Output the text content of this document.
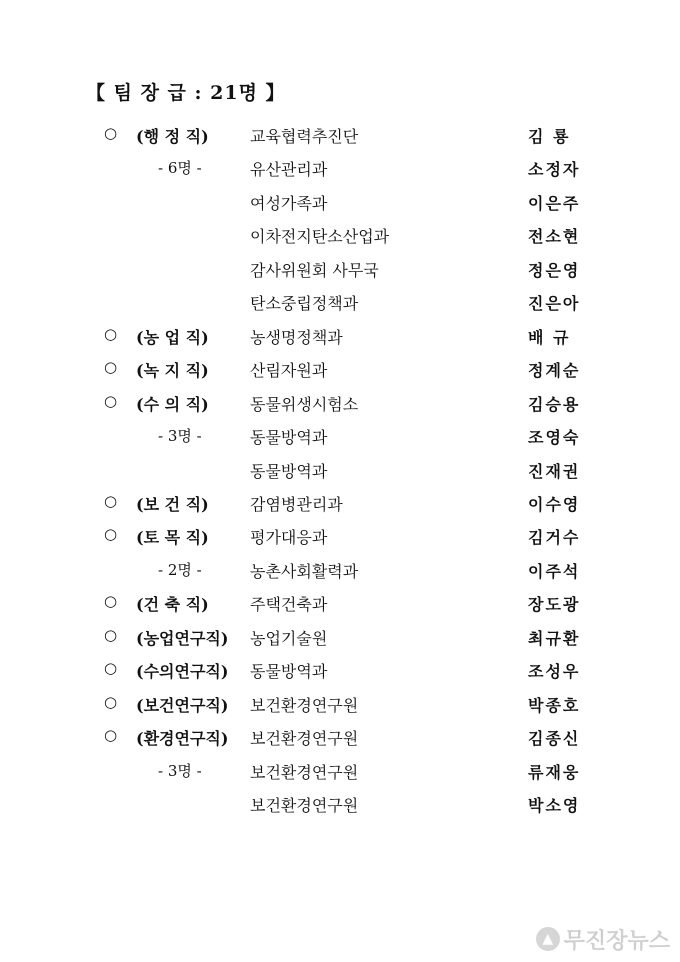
【 팀 장 급 : 21명 】
○ (행 정 직)	교육협력추진단	김 룡
- 6명 -	유산관리과	소정자
여성가족과	이은주
이차전지탄소산업과	전소현
감사위원회 사무국	정은영
탄소중립정책과	진은아
○ (농 업 직)	농생명정책과	배 규
○ (녹 지 직)	산림자원과	정계순
○ (수 의 직)	동물위생시험소	김승용
- 3명 -	동물방역과	조영숙
동물방역과	진재권
○ (보 건 직)	감염병관리과	이수영
○ (토 목 직)	평가대응과	김거수
- 2명 -	농촌사회활력과	이주석
○ (건 축 직)	주택건축과	장도광
○ (농업연구직) 농업기술원	최규환
○ (수의연구직) 동물방역과	조성우
○ (보건연구직) 보건환경연구원	박종호
○ (환경연구직) 보건환경연구원	김종신
- 3명 -	보건환경연구원	류재웅
보건환경연구원	박소영
▲ 무진장뉴스
